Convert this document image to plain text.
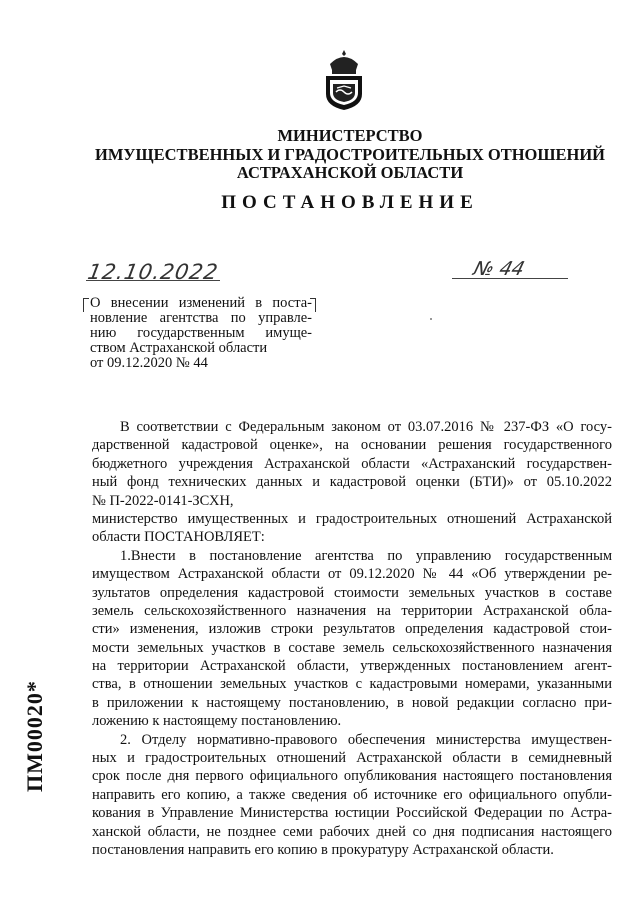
МИНИСТЕРСТВО
ИМУЩЕСТВЕННЫХ И ГРАДОСТРОИТЕЛЬНЫХ ОТНОШЕНИЙ
АСТРАХАНСКОЙ ОБЛАСТИ
ПОСТАНОВЛЕНИЕ
12.10.2022	№ 44
О внесении изменений в поста-
новление агентства по управле-
нию государственным имуще-
ством Астраханской области
от 09.12.2020 № 44
В соответствии с Федеральным законом от 03.07.2016 № 237-ФЗ «О госу-
дарственной кадастровой оценке», на основании решения государственного
бюджетного учреждения Астраханской области «Астраханский государствен-
ный фонд технических данных и кадастровой оценки (БТИ)» от 05.10.2022
№ П-2022-0141-ЗСХН,
министерство имущественных и градостроительных отношений Астраханской
области ПОСТАНОВЛЯЕТ:
1.Внести в постановление агентства по управлению государственным
имуществом Астраханской области от 09.12.2020 № 44 «Об утверждении ре-
зультатов определения кадастровой стоимости земельных участков в составе
земель сельскохозяйственного назначения на территории Астраханской обла-
сти» изменения, изложив строки результатов определения кадастровой стои-
мости земельных участков в составе земель сельскохозяйственного назначения
на территории Астраханской области, утвержденных постановлением агент-
ства, в отношении земельных участков с кадастровыми номерами, указанными
в приложении к настоящему постановлению, в новой редакции согласно при-
ложению к настоящему постановлению.
2. Отделу нормативно-правового обеспечения министерства имуществен-
ных и градостроительных отношений Астраханской области в семидневный
срок после дня первого официального опубликования настоящего постановления
направить его копию, а также сведения об источнике его официального опубли-
кования в Управление Министерства юстиции Российской Федерации по Астра-
ханской области, не позднее семи рабочих дней со дня подписания настоящего
постановления направить его копию в прокуратуру Астраханской области.
ПМ00020*
